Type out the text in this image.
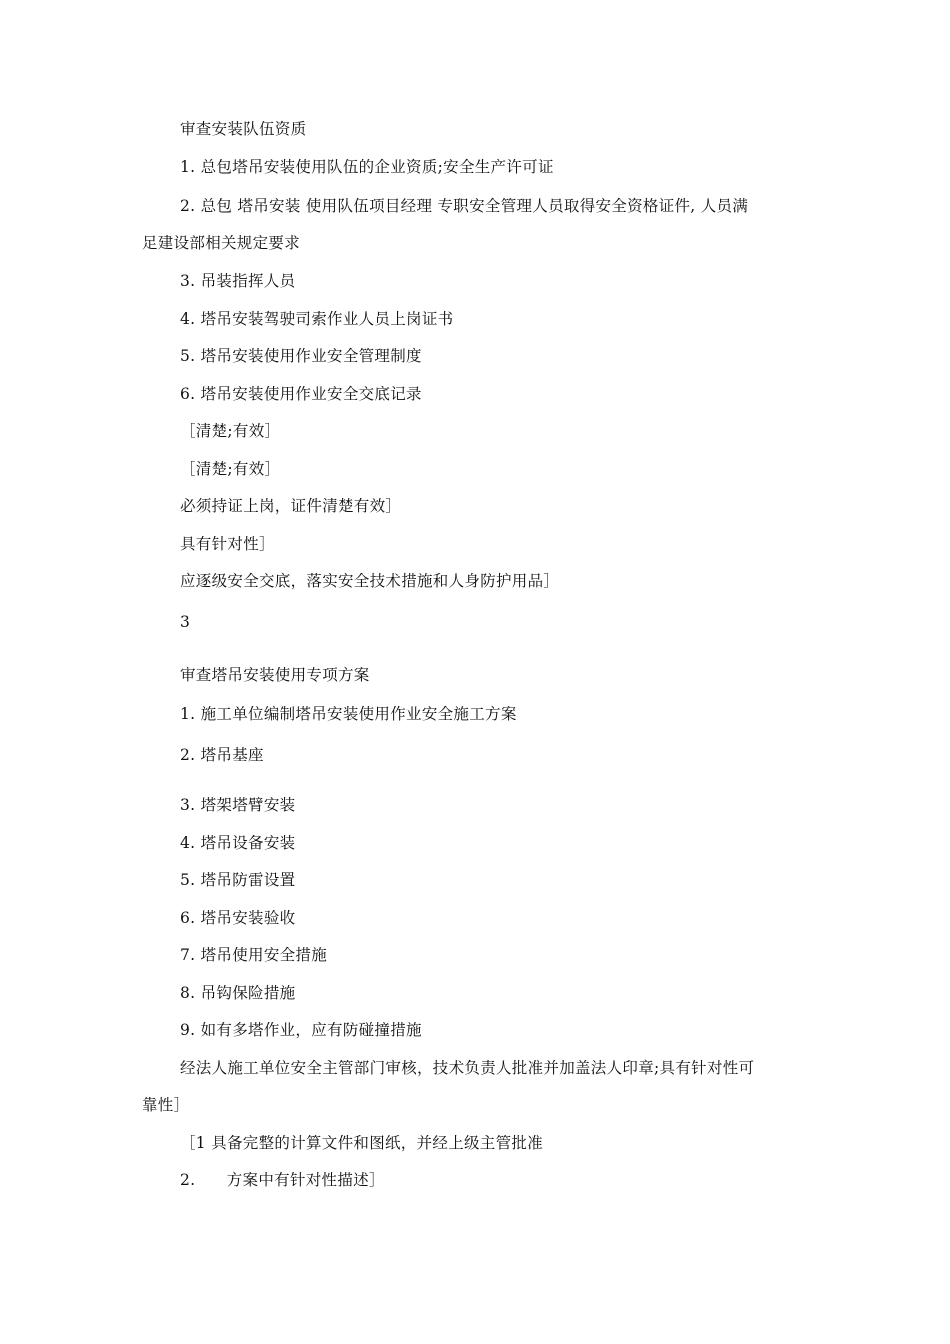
审查安装队伍资质
1. 总包塔吊安装使用队伍的企业资质;安全生产许可证
2. 总包 塔吊安装 使用队伍项目经理 专职安全管理人员取得安全资格证件, 人员满
足建设部相关规定要求
3. 吊装指挥人员
4. 塔吊安装驾驶司索作业人员上岗证书
5. 塔吊安装使用作业安全管理制度
6. 塔吊安装使用作业安全交底记录
［清楚;有效］
［清楚;有效］
必须持证上岗，证件清楚有效］
具有针对性］
应逐级安全交底，落实安全技术措施和人身防护用品］
3
审查塔吊安装使用专项方案
1. 施工单位编制塔吊安装使用作业安全施工方案
2. 塔吊基座
3. 塔架塔臂安装
4. 塔吊设备安装
5. 塔吊防雷设置
6. 塔吊安装验收
7. 塔吊使用安全措施
8. 吊钩保险措施
9. 如有多塔作业，应有防碰撞措施
经法人施工单位安全主管部门审核，技术负责人批准并加盖法人印章;具有针对性可
靠性］
［1 具备完整的计算文件和图纸，并经上级主管批准
2.      方案中有针对性描述］
